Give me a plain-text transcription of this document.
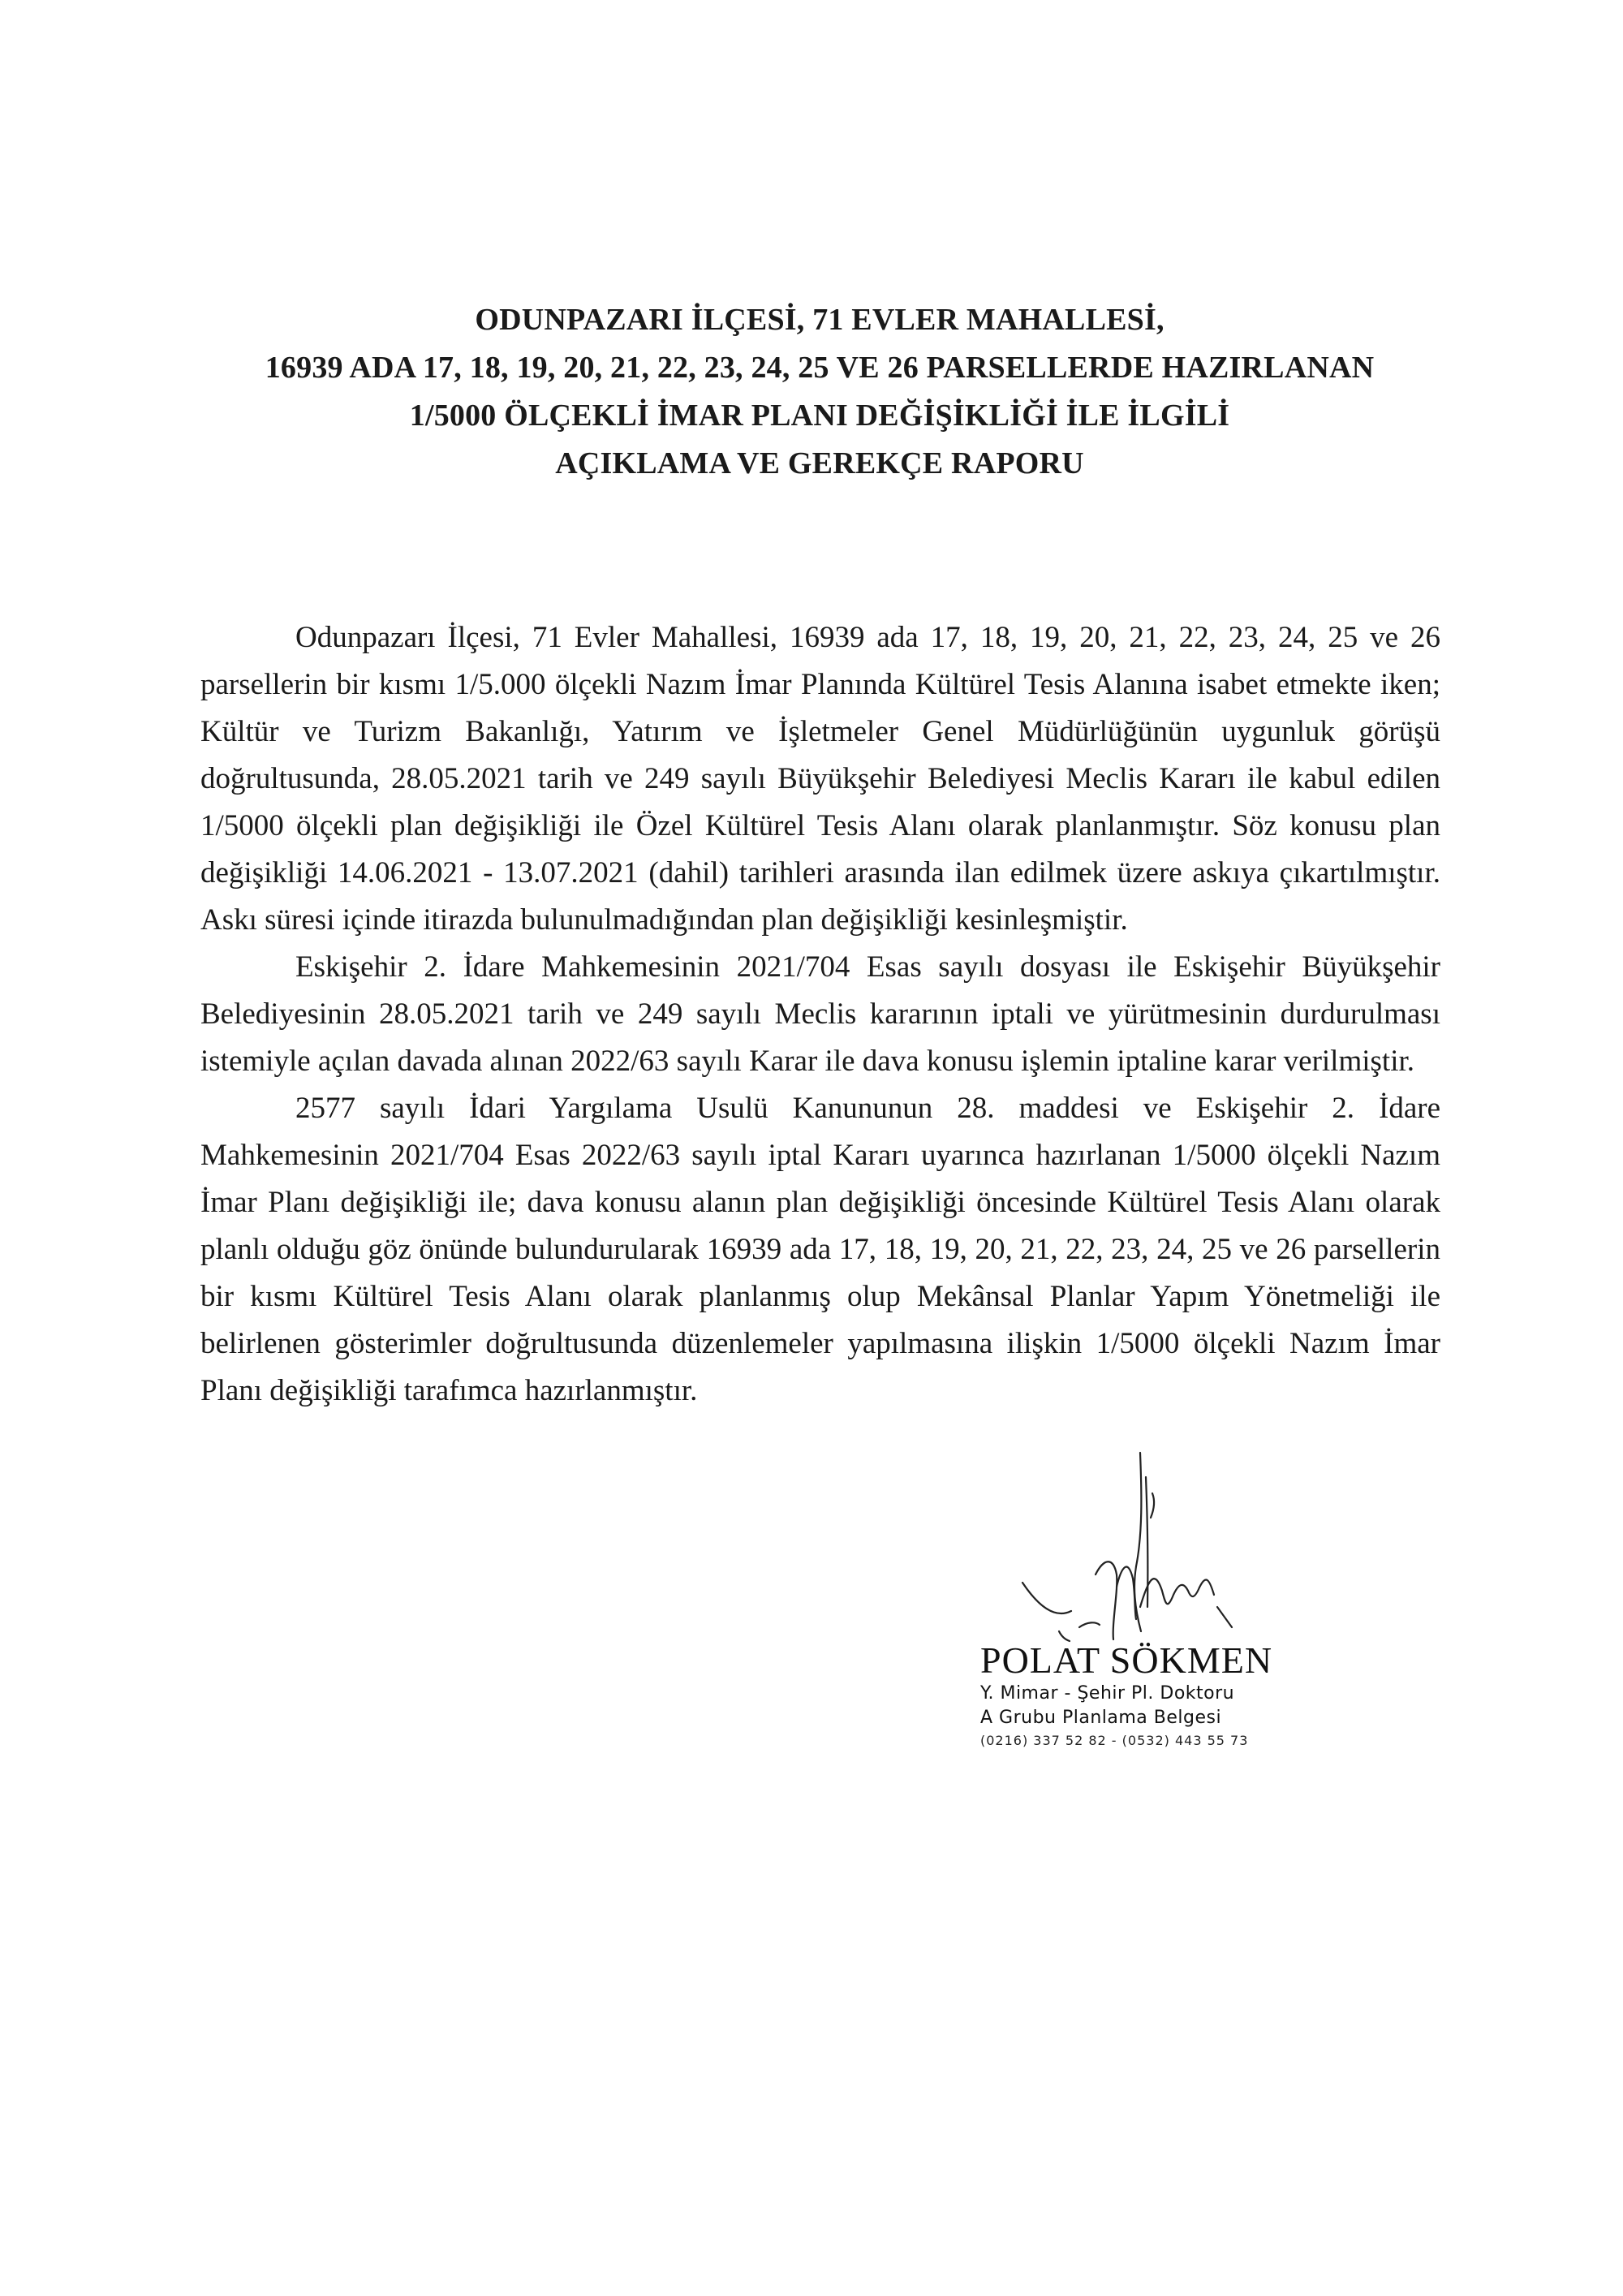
ODUNPAZARI İLÇESİ, 71 EVLER MAHALLESİ,
16939 ADA 17, 18, 19, 20, 21, 22, 23, 24, 25 VE 26 PARSELLERDE HAZIRLANAN
1/5000 ÖLÇEKLİ İMAR PLANI DEĞİŞİKLİĞİ İLE İLGİLİ
AÇIKLAMA VE GEREKÇE RAPORU

Odunpazarı İlçesi, 71 Evler Mahallesi, 16939 ada 17, 18, 19, 20, 21, 22, 23, 24, 25 ve 26 parsellerin bir kısmı 1/5.000 ölçekli Nazım İmar Planında Kültürel Tesis Alanına isabet etmekte iken; Kültür ve Turizm Bakanlığı, Yatırım ve İşletmeler Genel Müdürlüğünün uygunluk görüşü doğrultusunda, 28.05.2021 tarih ve 249 sayılı Büyükşehir Belediyesi Meclis Kararı ile kabul edilen 1/5000 ölçekli plan değişikliği ile Özel Kültürel Tesis Alanı olarak planlanmıştır. Söz konusu plan değişikliği 14.06.2021 - 13.07.2021 (dahil) tarihleri arasında ilan edilmek üzere askıya çıkartılmıştır. Askı süresi içinde itirazda bulunulmadığından plan değişikliği kesinleşmiştir.

Eskişehir 2. İdare Mahkemesinin 2021/704 Esas sayılı dosyası ile Eskişehir Büyükşehir Belediyesinin 28.05.2021 tarih ve 249 sayılı Meclis kararının iptali ve yürütmesinin durdurulması istemiyle açılan davada alınan 2022/63 sayılı Karar ile dava konusu işlemin iptaline karar verilmiştir.

2577 sayılı İdari Yargılama Usulü Kanununun 28. maddesi ve Eskişehir 2. İdare Mahkemesinin 2021/704 Esas 2022/63 sayılı iptal Kararı uyarınca hazırlanan 1/5000 ölçekli Nazım İmar Planı değişikliği ile; dava konusu alanın plan değişikliği öncesinde Kültürel Tesis Alanı olarak planlı olduğu göz önünde bulundurularak 16939 ada 17, 18, 19, 20, 21, 22, 23, 24, 25 ve 26 parsellerin bir kısmı Kültürel Tesis Alanı olarak planlanmış olup Mekânsal Planlar Yapım Yönetmeliği ile belirlenen gösterimler doğrultusunda düzenlemeler yapılmasına ilişkin 1/5000 ölçekli Nazım İmar Planı değişikliği tarafımca hazırlanmıştır.

POLAT SÖKMEN
Y. Mimar - Şehir Pl. Doktoru
A Grubu Planlama Belgesi
(0216) 337 52 82 - (0532) 443 55 73
